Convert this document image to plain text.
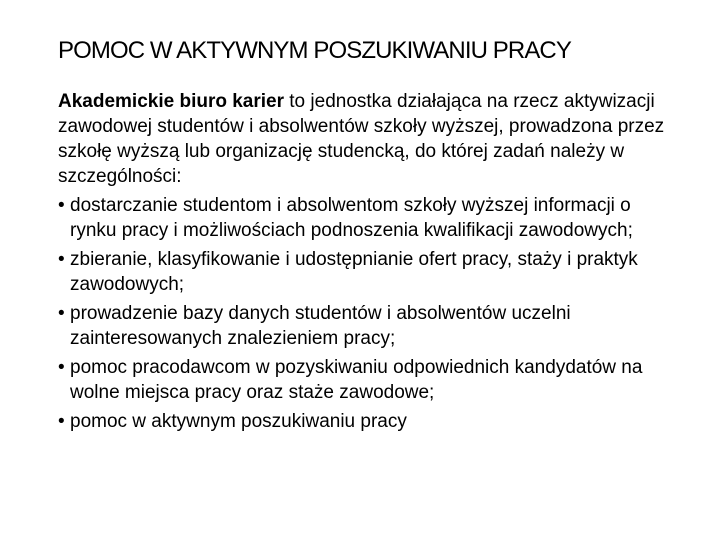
POMOC W AKTYWNYM POSZUKIWANIU PRACY

Akademickie biuro karier to jednostka działająca na rzecz aktywizacji zawodowej studentów i absolwentów szkoły wyższej, prowadzona przez szkołę wyższą lub organizację studencką, do której zadań należy w szczególności:

• dostarczanie studentom i absolwentom szkoły wyższej informacji o rynku pracy i możliwościach podnoszenia kwalifikacji zawodowych;
• zbieranie, klasyfikowanie i udostępnianie ofert pracy, staży i praktyk zawodowych;
• prowadzenie bazy danych studentów i absolwentów uczelni zainteresowanych znalezieniem pracy;
• pomoc pracodawcom w pozyskiwaniu odpowiednich kandydatów na wolne miejsca pracy oraz staże zawodowe;
• pomoc w aktywnym poszukiwaniu pracy
